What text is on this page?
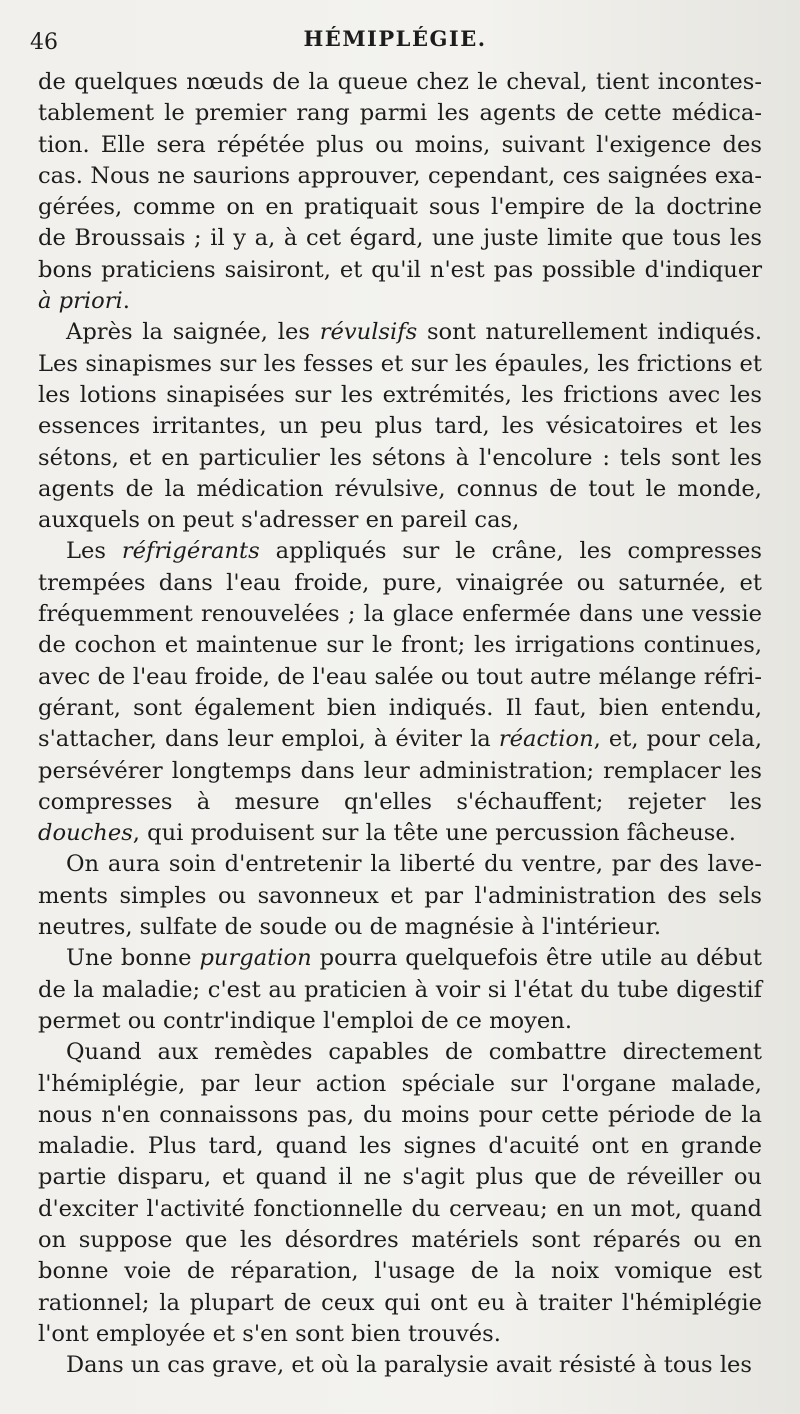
46	HÉMIPLÉGIE.

de quelques nœuds de la queue chez le cheval, tient incontestablement le premier rang parmi les agents de cette médication. Elle sera répétée plus ou moins, suivant l'exigence des cas. Nous ne saurions approuver, cependant, ces saignées exagérées, comme on en pratiquait sous l'empire de la doctrine de Broussais ; il y a, à cet égard, une juste limite que tous les bons praticiens saisiront, et qu'il n'est pas possible d'indiquer à priori.

Après la saignée, les révulsifs sont naturellement indiqués. Les sinapismes sur les fesses et sur les épaules, les frictions et les lotions sinapisées sur les extrémités, les frictions avec les essences irritantes, un peu plus tard, les vésicatoires et les sétons, et en particulier les sétons à l'encolure : tels sont les agents de la médication révulsive, connus de tout le monde, auxquels on peut s'adresser en pareil cas,

Les réfrigérants appliqués sur le crâne, les compresses trempées dans l'eau froide, pure, vinaigrée ou saturnée, et fréquemment renouvelées ; la glace enfermée dans une vessie de cochon et maintenue sur le front; les irrigations continues, avec de l'eau froide, de l'eau salée ou tout autre mélange réfrigérant, sont également bien indiqués. Il faut, bien entendu, s'attacher, dans leur emploi, à éviter la réaction, et, pour cela, persévérer longtemps dans leur administration; remplacer les compresses à mesure qn'elles s'échauffent; rejeter les douches, qui produisent sur la tête une percussion fâcheuse.

On aura soin d'entretenir la liberté du ventre, par des lavements simples ou savonneux et par l'administration des sels neutres, sulfate de soude ou de magnésie à l'intérieur.

Une bonne purgation pourra quelquefois être utile au début de la maladie; c'est au praticien à voir si l'état du tube digestif permet ou contr'indique l'emploi de ce moyen.

Quand aux remèdes capables de combattre directement l'hémiplégie, par leur action spéciale sur l'organe malade, nous n'en connaissons pas, du moins pour cette période de la maladie. Plus tard, quand les signes d'acuité ont en grande partie disparu, et quand il ne s'agit plus que de réveiller ou d'exciter l'activité fonctionnelle du cerveau; en un mot, quand on suppose que les désordres matériels sont réparés ou en bonne voie de réparation, l'usage de la noix vomique est rationnel; la plupart de ceux qui ont eu à traiter l'hémiplégie l'ont employée et s'en sont bien trouvés.

Dans un cas grave, et où la paralysie avait résisté à tous les
